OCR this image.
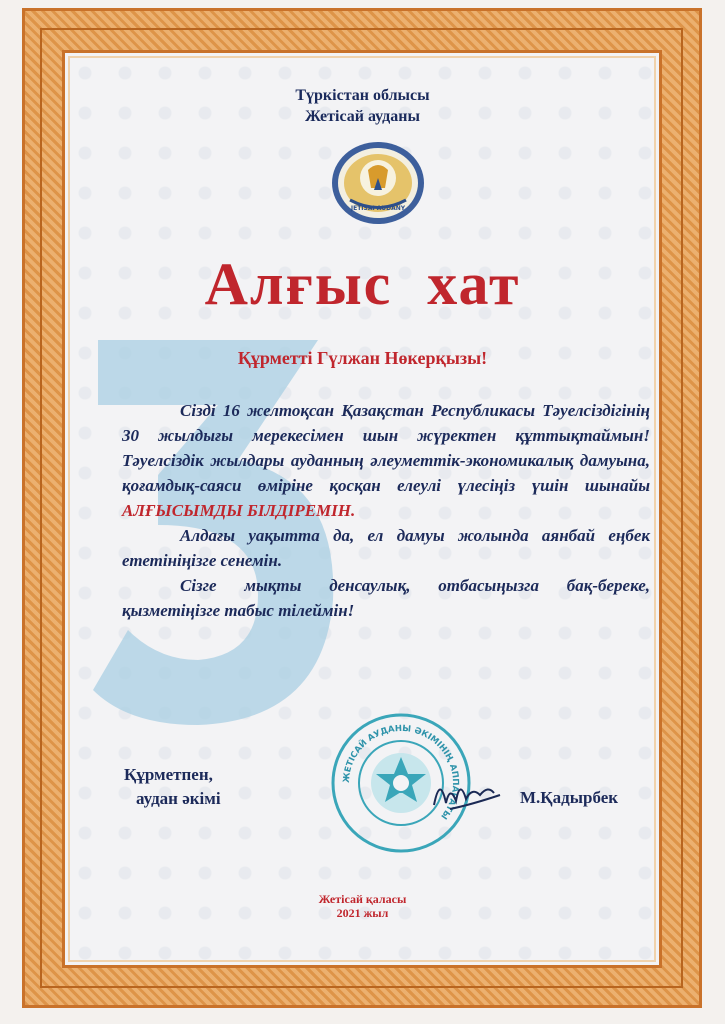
Түркістан облысы
Жетісай ауданы
JETISAI AUDANY
Алғыс хат
Құрметті Гүлжан Нөкерқызы!

Сізді 16 желтоқсан Қазақстан Республикасы Тәуелсіздігінің 30 жылдығы мерекесімен шын жүректен құттықтаймын! Тәуелсіздік жылдары ауданның әлеуметтік-экономикалық дамуына, қоғамдық-саяси өміріне қосқан елеулі үлесіңіз үшін шынайы АЛҒЫСЫМДЫ БІЛДІРЕМІН.

Алдағы уақытта да, ел дамуы жолында аянбай еңбек ететініңізге сенемін.

Сізге мықты денсаулық, отбасыңызга бақ-береке, қызметіңізге табыс тілеймін!

Құрметпен,
аудан әкімі
ЖЕТІСАЙ АУДАНЫ ӘКІМІНІҢ АППАРАТЫ
М.Қадырбек
Жетісай қаласы
2021 жыл
